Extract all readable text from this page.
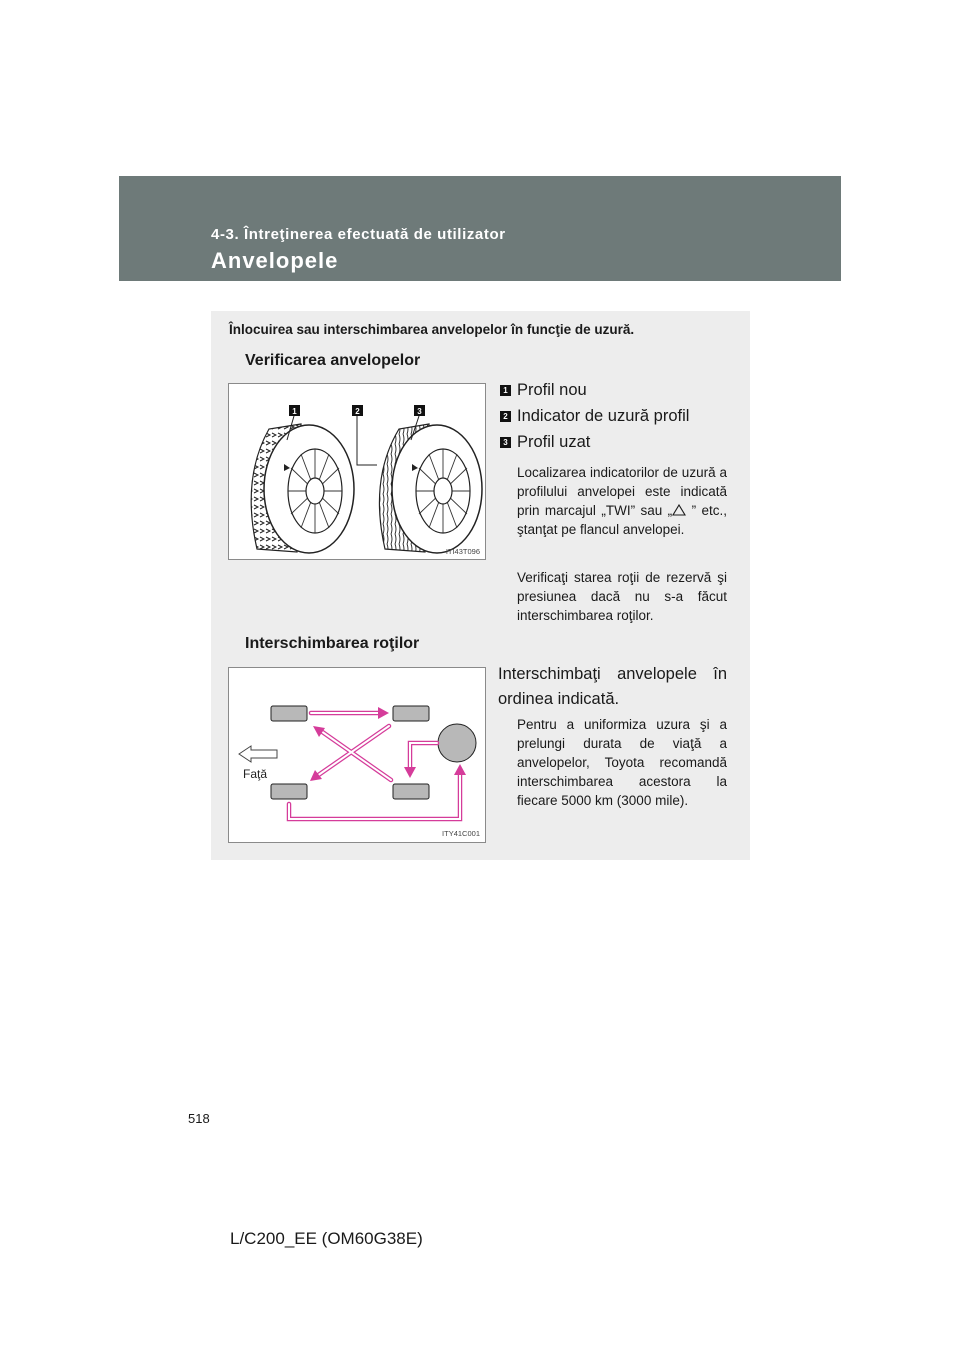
4-3. Întreţinerea efectuată de utilizator
Anvelopele
Înlocuirea sau interschimbarea anvelopelor în funcţie de uzură.
Verificarea anvelopelor
1	2	3
ITI43T096
1 Profil nou
2 Indicator de uzură profil
3 Profil uzat
Localizarea indicatorilor de uzură a profilului anvelopei este indicată prin marcajul „TWI” sau „ ” etc., ştanţat pe flancul anvelopei.
Verificaţi starea roţii de rezervă şi presiunea dacă nu s-a făcut interschimbarea roţilor.
Interschimbarea roţilor
Faţă
ITY41C001
Interschimbaţi anvelopele în ordinea indicată.
Pentru a uniformiza uzura şi a prelungi durata de viaţă a anvelopelor, Toyota recomandă interschimbarea acestora la fiecare 5000 km (3000 mile).
518
L/C200_EE (OM60G38E)
